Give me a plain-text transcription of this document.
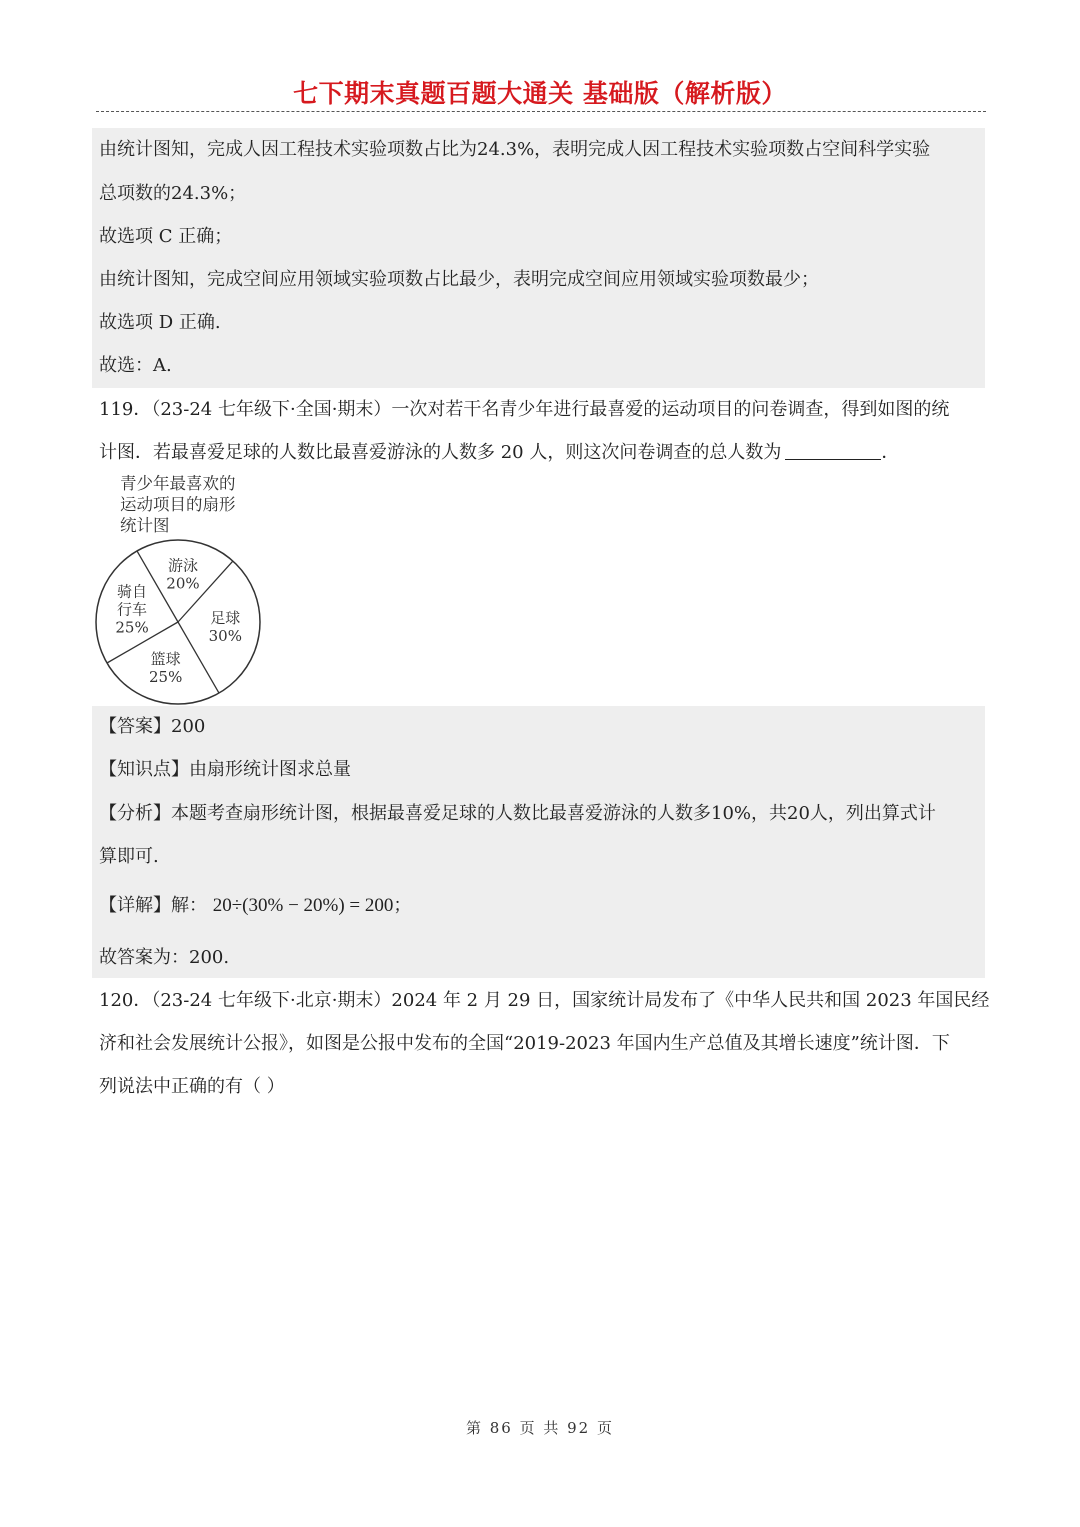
七下期末真题百题大通关 基础版（解析版）
由统计图知，完成人因工程技术实验项数占比为24.3%，表明完成人因工程技术实验项数占空间科学实验
总项数的24.3%；
故选项 C 正确；
由统计图知，完成空间应用领域实验项数占比最少，表明完成空间应用领域实验项数最少；
故选项 D 正确.
故选：A.
119．（23-24 七年级下·全国·期末）一次对若干名青少年进行最喜爱的运动项目的问卷调查，得到如图的统
计图．若最喜爱足球的人数比最喜爱游泳的人数多 20 人，则这次问卷调查的总人数为	．
青少年最喜欢的
运动项目的扇形
统计图
游泳
20%
足球
30%
篮球
25%
骑自
行车
25%
【答案】200
【知识点】由扇形统计图求总量
【分析】本题考查扇形统计图，根据最喜爱足球的人数比最喜爱游泳的人数多10%，共20人，列出算式计
算即可.
【详解】解： 20÷(30% − 20%) = 200；
故答案为：200.
120．（23-24 七年级下·北京·期末）2024 年 2 月 29 日，国家统计局发布了《中华人民共和国 2023 年国民经
济和社会发展统计公报》，如图是公报中发布的全国“2019-2023 年国内生产总值及其增长速度”统计图．下
列说法中正确的有（ ）
第 86 页 共 92 页
